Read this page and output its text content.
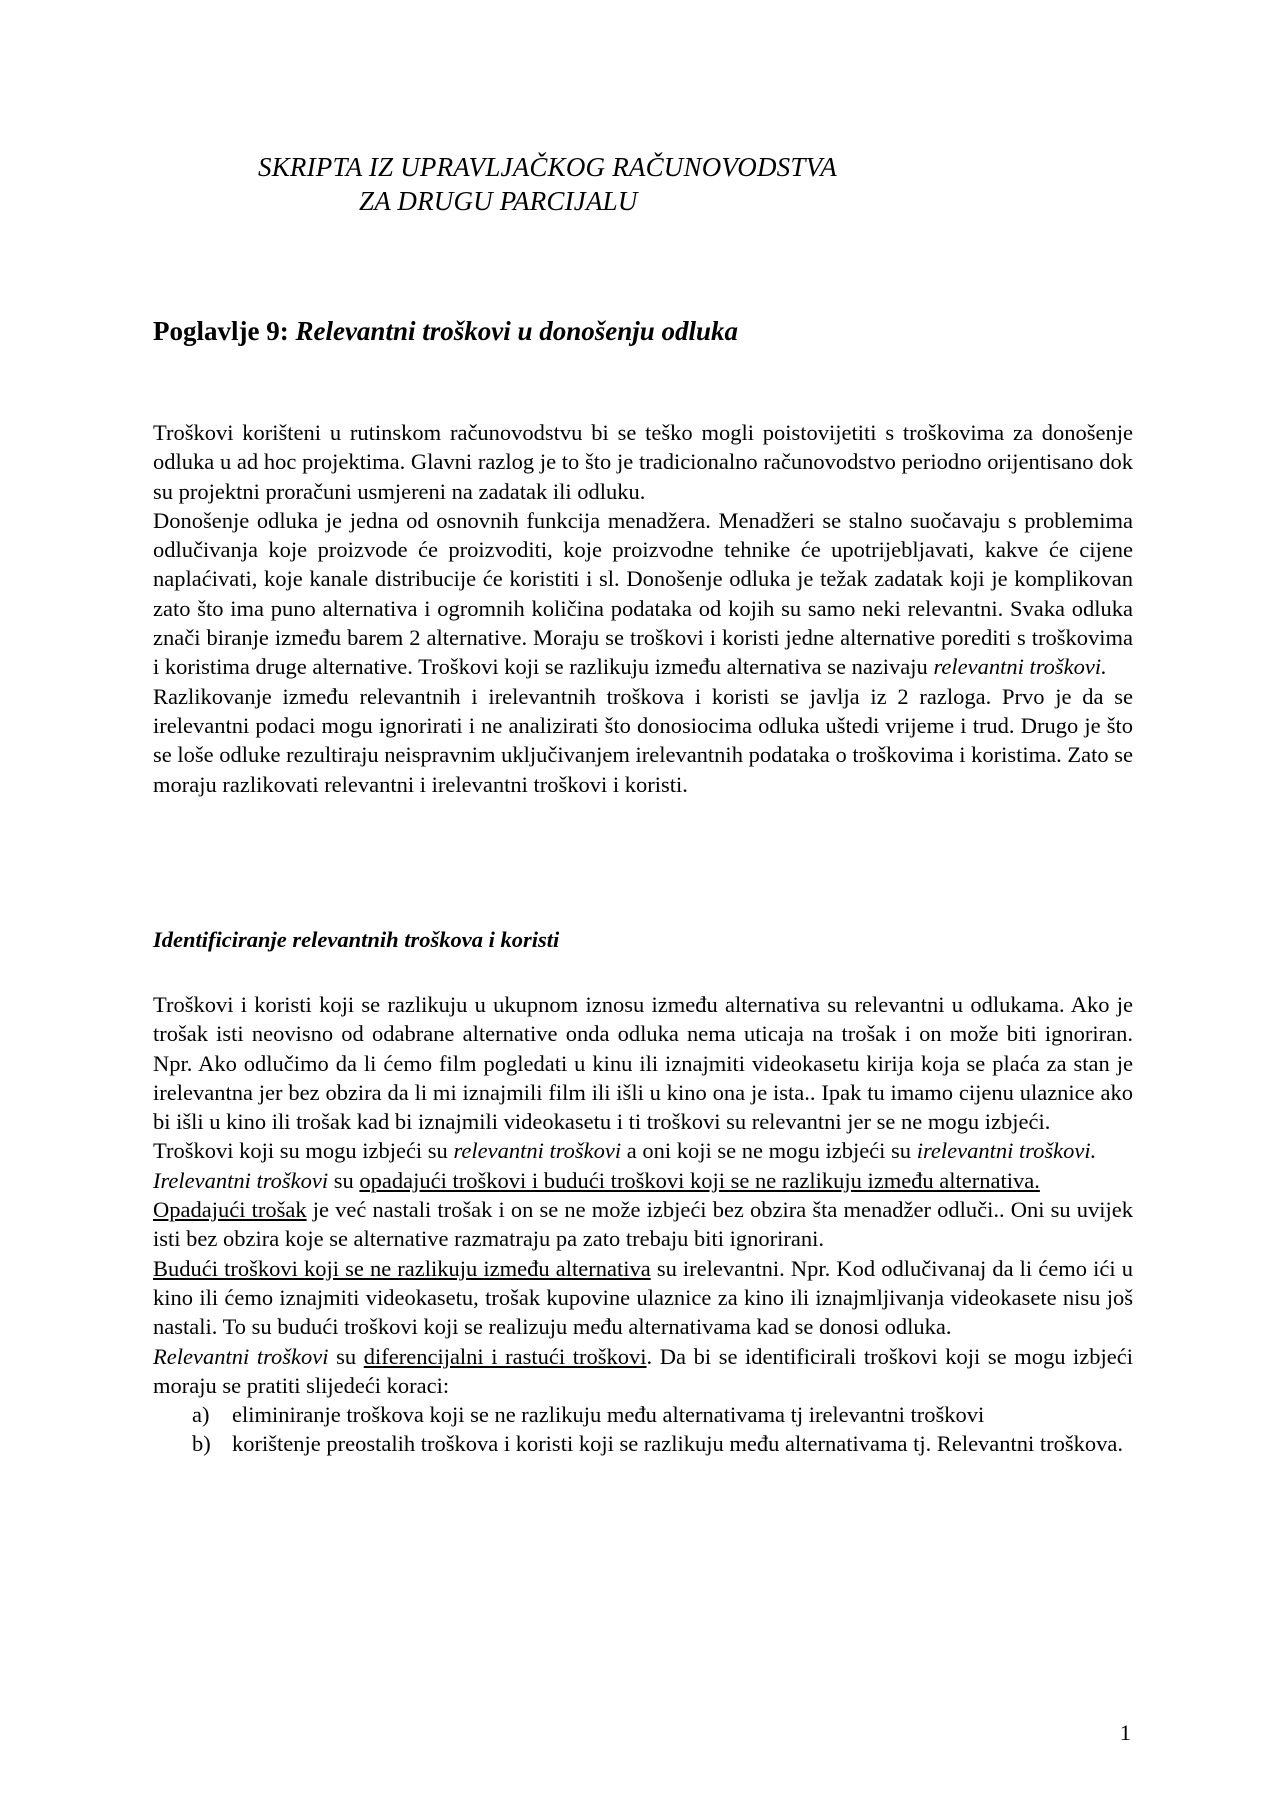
SKRIPTA IZ UPRAVLJAČKOG RAČUNOVODSTVA
ZA DRUGU PARCIJALU
Poglavlje 9: Relevantni troškovi u donošenju odluka

Troškovi korišteni u rutinskom računovodstvu bi se teško mogli poistovijetiti s troškovima za donošenje odluka u ad hoc projektima. Glavni razlog je to što je tradicionalno računovodstvo periodno orijentisano dok su projektni proračuni usmjereni na zadatak ili odluku.

Donošenje odluka je jedna od osnovnih funkcija menadžera. Menadžeri se stalno suočavaju s problemima odlučivanja koje proizvode će proizvoditi, koje proizvodne tehnike će upotrijebljavati, kakve će cijene naplaćivati, koje kanale distribucije će koristiti i sl. Donošenje odluka je težak zadatak koji je komplikovan zato što ima puno alternativa i ogromnih količina podataka od kojih su samo neki relevantni. Svaka odluka znači biranje između barem 2 alternative. Moraju se troškovi i koristi jedne alternative porediti s troškovima i koristima druge alternative. Troškovi koji se razlikuju između alternativa se nazivaju relevantni troškovi.

Razlikovanje između relevantnih i irelevantnih troškova i koristi se javlja iz 2 razloga. Prvo je da se irelevantni podaci mogu ignorirati i ne analizirati što donosiocima odluka uštedi vrijeme i trud. Drugo je što se loše odluke rezultiraju neispravnim uključivanjem irelevantnih podataka o troškovima i koristima. Zato se moraju razlikovati relevantni i irelevantni troškovi i koristi.

Identificiranje relevantnih troškova i koristi

Troškovi i koristi koji se razlikuju u ukupnom iznosu između alternativa su relevantni u odlukama. Ako je trošak isti neovisno od odabrane alternative onda odluka nema uticaja na trošak i on može biti ignoriran. Npr. Ako odlučimo da li ćemo film pogledati u kinu ili iznajmiti videokasetu kirija koja se plaća za stan je irelevantna jer bez obzira da li mi iznajmili film ili išli u kino ona je ista.. Ipak tu imamo cijenu ulaznice ako bi išli u kino ili trošak kad bi iznajmili videokasetu i ti troškovi su relevantni jer se ne mogu izbjeći.

Troškovi koji su mogu izbjeći su relevantni troškovi a oni koji se ne mogu izbjeći su irelevantni troškovi.

Irelevantni troškovi su opadajući troškovi i budući troškovi koji se ne razlikuju između alternativa.

Opadajući trošak je već nastali trošak i on se ne može izbjeći bez obzira šta menadžer odluči.. Oni su uvijek isti bez obzira koje se alternative razmatraju pa zato trebaju biti ignorirani.

Budući troškovi koji se ne razlikuju između alternativa su irelevantni. Npr. Kod odlučivanaj da li ćemo ići u kino ili ćemo iznajmiti videokasetu, trošak kupovine ulaznice za kino ili iznajmljivanja videokasete nisu još nastali. To su budući troškovi koji se realizuju među alternativama kad se donosi odluka.

Relevantni troškovi su diferencijalni i rastući troškovi. Da bi se identificirali troškovi koji se mogu izbjeći moraju se pratiti slijedeći koraci:

a) eliminiranje troškova koji se ne razlikuju među alternativama tj irelevantni troškovi
b) korištenje preostalih troškova i koristi koji se razlikuju među alternativama tj. Relevantni troškova.
1
